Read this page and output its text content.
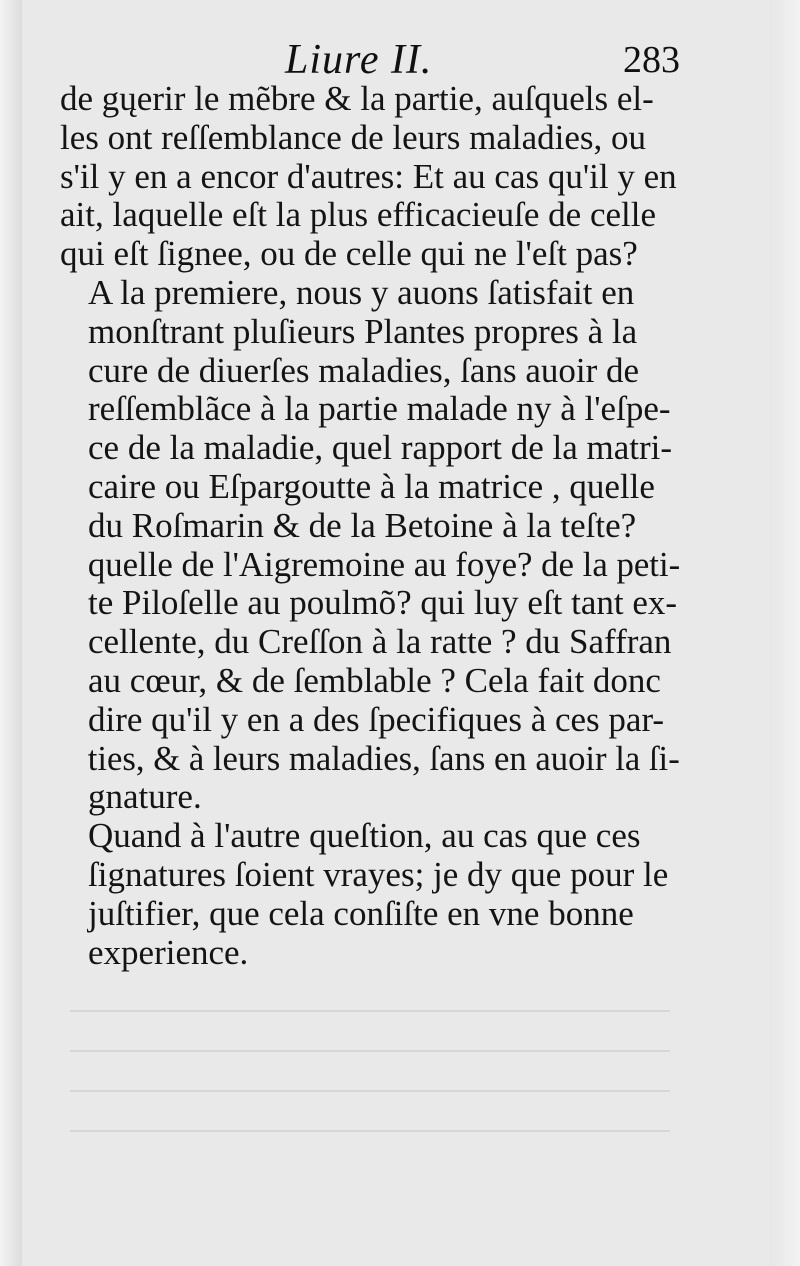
Liure II.	283

de gųerir le mẽbre & la partie, auſquels el-
les ont reſſemblance de leurs maladies, ou
s'il y en a encor d'autres: Et au cas qu'il y en
ait, laquelle eſt la plus efficacieuſe de celle
qui eſt ſignee, ou de celle qui ne l'eſt pas?

A la premiere, nous y auons ſatisfait en
monſtrant pluſieurs Plantes propres à la
cure de diuerſes maladies, ſans auoir de
reſſemblãce à la partie malade ny à l'eſpe-
ce de la maladie, quel rapport de la matri-
caire ou Eſpargoutte à la matrice , quelle
du Roſmarin & de la Betoine à la teſte?
quelle de l'Aigremoine au foye? de la peti-
te Piloſelle au poulmõ? qui luy eſt tant ex-
cellente, du Creſſon à la ratte ? du Saffran
au cœur, & de ſemblable ? Cela fait donc
dire qu'il y en a des ſpecifiques à ces par-
ties, & à leurs maladies, ſans en auoir la ſi-
gnature.

Quand à l'autre queſtion, au cas que ces
ſignatures ſoient vrayes; je dy que pour le
juſtifier, que cela conſiſte en vne bonne
experience.
